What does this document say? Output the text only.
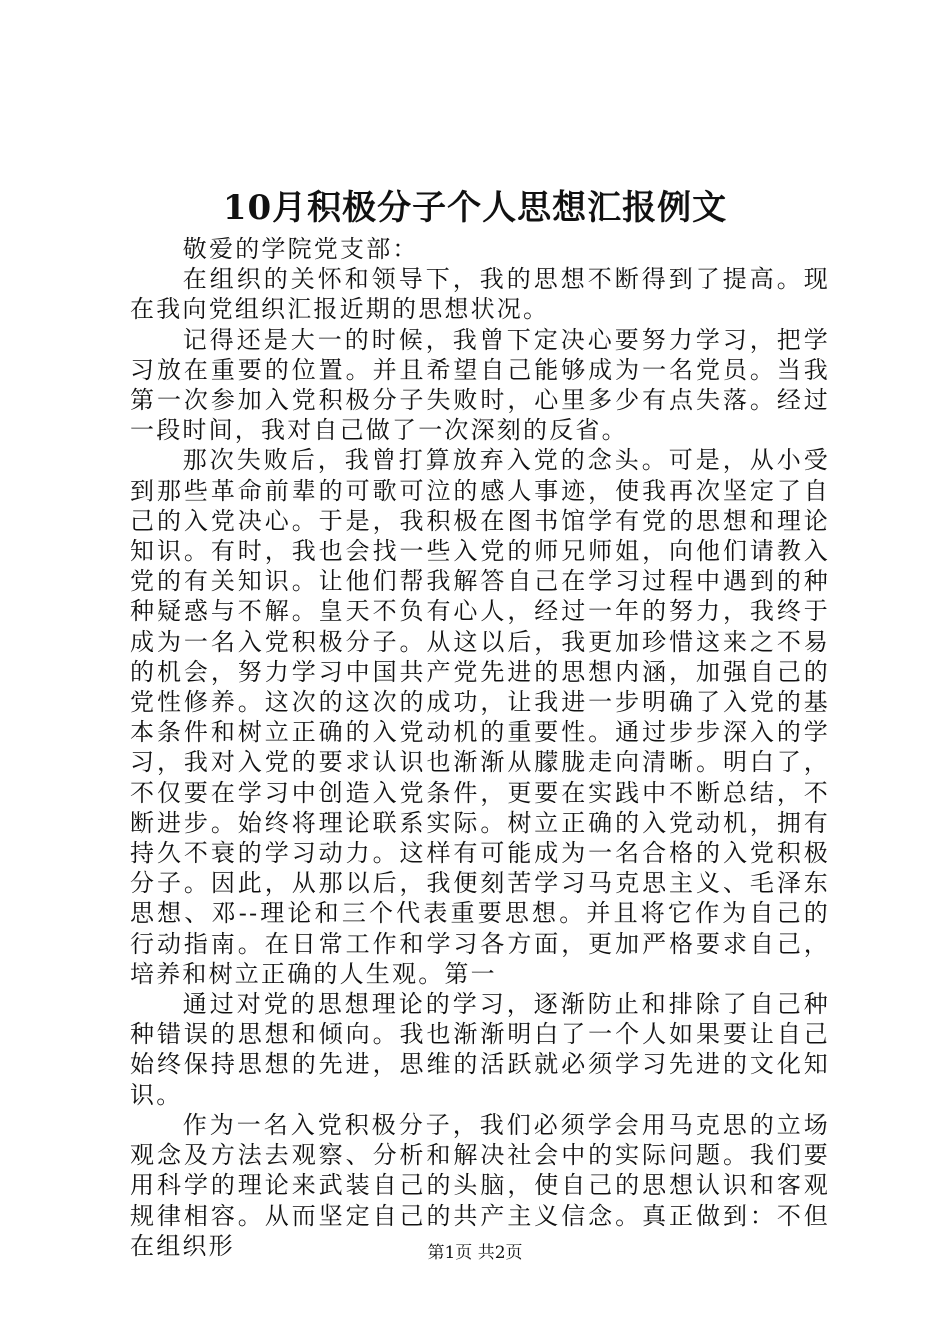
10月积极分子个人思想汇报例文

敬爱的学院党支部：

在组织的关怀和领导下，我的思想不断得到了提高。现在我向党组织汇报近期的思想状况。

记得还是大一的时候，我曾下定决心要努力学习，把学习放在重要的位置。并且希望自己能够成为一名党员。当我第一次参加入党积极分子失败时，心里多少有点失落。经过一段时间，我对自己做了一次深刻的反省。

那次失败后，我曾打算放弃入党的念头。可是，从小受到那些革命前辈的可歌可泣的感人事迹，使我再次坚定了自己的入党决心。于是，我积极在图书馆学有党的思想和理论知识。有时，我也会找一些入党的师兄师姐，向他们请教入党的有关知识。让他们帮我解答自己在学习过程中遇到的种种疑惑与不解。皇天不负有心人，经过一年的努力，我终于成为一名入党积极分子。从这以后，我更加珍惜这来之不易的机会，努力学习中国共产党先进的思想内涵，加强自己的党性修养。这次的这次的成功，让我进一步明确了入党的基本条件和树立正确的入党动机的重要性。通过步步深入的学习，我对入党的要求认识也渐渐从朦胧走向清晰。明白了，不仅要在学习中创造入党条件，更要在实践中不断总结，不断进步。始终将理论联系实际。树立正确的入党动机，拥有持久不衰的学习动力。这样有可能成为一名合格的入党积极分子。因此，从那以后，我便刻苦学习马克思主义、毛泽东思想、邓--理论和三个代表重要思想。并且将它作为自己的行动指南。在日常工作和学习各方面，更加严格要求自己，培养和树立正确的人生观。第一

通过对党的思想理论的学习，逐渐防止和排除了自己种种错误的思想和倾向。我也渐渐明白了一个人如果要让自己始终保持思想的先进，思维的活跃就必须学习先进的文化知识。

作为一名入党积极分子，我们必须学会用马克思的立场观念及方法去观察、分析和解决社会中的实际问题。我们要用科学的理论来武装自己的头脑，使自己的思想认识和客观规律相容。从而坚定自己的共产主义信念。真正做到：不但在组织形	第1页 共2页
